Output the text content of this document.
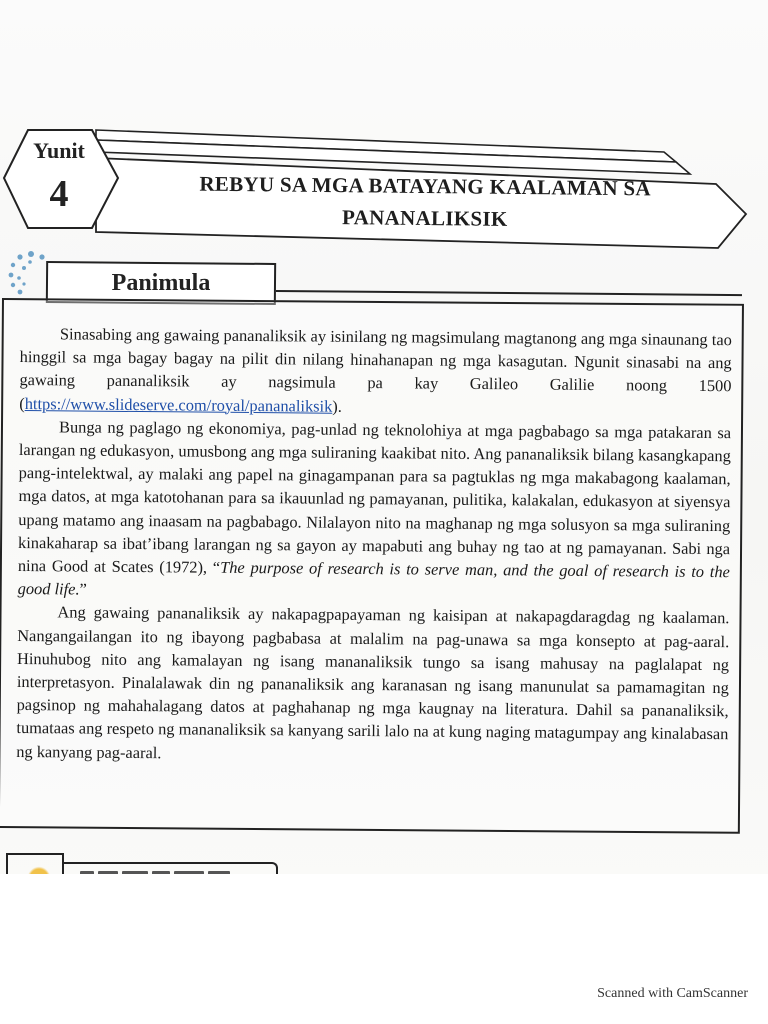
Yunit
4	REBYU SA MGA BATAYANG KAALAMAN SA
PANANALIKSIK
Panimula

Sinasabing ang gawaing pananaliksik ay isinilang ng magsimulang magtanong ang mga sinaunang tao hinggil sa mga bagay bagay na pilit din nilang hinahanapan ng mga kasagutan. Ngunit sinasabi na ang gawaing pananaliksik ay nagsimula pa kay Galileo Galilie noong 1500 (https://www.slideserve.com/royal/pananaliksik).

Bunga ng paglago ng ekonomiya, pag-unlad ng teknolohiya at mga pagbabago sa mga patakaran sa larangan ng edukasyon, umusbong ang mga suliraning kaakibat nito. Ang pananaliksik bilang kasangkapang pang-intelektwal, ay malaki ang papel na ginagampanan para sa pagtuklas ng mga makabagong kaalaman, mga datos, at mga katotohanan para sa ikauunlad ng pamayanan, pulitika, kalakalan, edukasyon at siyensya upang matamo ang inaasam na pagbabago. Nilalayon nito na maghanap ng mga solusyon sa mga suliraning kinakaharap sa ibat’ibang larangan ng sa gayon ay mapabuti ang buhay ng tao at ng pamayanan. Sabi nga nina Good at Scates (1972), “The purpose of research is to serve man, and the goal of research is to the good life.”

Ang gawaing pananaliksik ay nakapagpapayaman ng kaisipan at nakapagdaragdag ng kaalaman. Nangangailangan ito ng ibayong pagbabasa at malalim na pag-unawa sa mga konsepto at pag-aaral. Hinuhubog nito ang kamalayan ng isang mananaliksik tungo sa isang mahusay na paglalapat ng interpretasyon. Pinalalawak din ng pananaliksik ang karanasan ng isang manunulat sa pamamagitan ng pagsinop ng mahahalagang datos at paghahanap ng mga kaugnay na literatura. Dahil sa pananaliksik, tumataas ang respeto ng mananaliksik sa kanyang sarili lalo na at kung naging matagumpay ang kinalabasan ng kanyang pag-aaral.

Scanned with CamScanner
